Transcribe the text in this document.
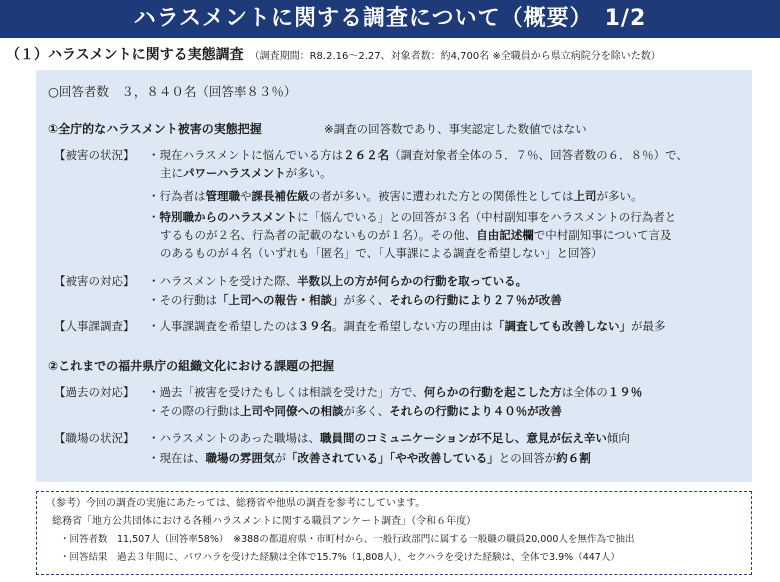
ハラスメントに関する調査について（概要）　1/2
（１）ハラスメントに関する実態調査 （調査期間：R8.2.16～2.27、対象者数：約4,700名 ※全職員から県立病院分を除いた数）
○回答者数　３，８４０名（回答率８３％）
①全庁的なハラスメント被害の実態把握	※調査の回答数であり、事実認定した数値ではない
【被害の状況】 ・現在ハラスメントに悩んでいる方は２６２名（調査対象者全体の５．７％、回答者数の６．８％）で、
主にパワーハラスメントが多い。
・行為者は管理職や課長補佐級の者が多い。被害に遭われた方との関係性としては上司が多い。
・特別職からのハラスメントに「悩んでいる」との回答が３名（中村副知事をハラスメントの行為者と
するものが２名、行為者の記載のないものが１名）。その他、自由記述欄で中村副知事について言及
のあるものが４名（いずれも「匿名」で、「人事課による調査を希望しない」と回答）
【被害の対応】 ・ハラスメントを受けた際、半数以上の方が何らかの行動を取っている。
・その行動は「上司への報告・相談」が多く、それらの行動により２７％が改善
【人事課調査】 ・人事課調査を希望したのは３９名。調査を希望しない方の理由は「調査しても改善しない」が最多
②これまでの福井県庁の組織文化における課題の把握
【過去の対応】 ・過去「被害を受けたもしくは相談を受けた」方で、何らかの行動を起こした方は全体の１９％
・その際の行動は上司や同僚への相談が多く、それらの行動により４０％が改善
【職場の状況】 ・ハラスメントのあった職場は、職員間のコミュニケーションが不足し、意見が伝え辛い傾向
・現在は、職場の雰囲気が「改善されている」「やや改善している」との回答が約６割
（参考）今回の調査の実施にあたっては、総務省や他県の調査を参考にしています。
総務省「地方公共団体における各種ハラスメントに関する職員アンケート調査」（令和６年度）
・回答者数　11,507人（回答率58%）　※388の都道府県・市町村から、一般行政部門に属する一般職の職員20,000人を無作為で抽出
・回答結果　過去３年間に、パワハラを受けた経験は全体で15.7%（1,808人）、セクハラを受けた経験は、全体で3.9%（447人）
